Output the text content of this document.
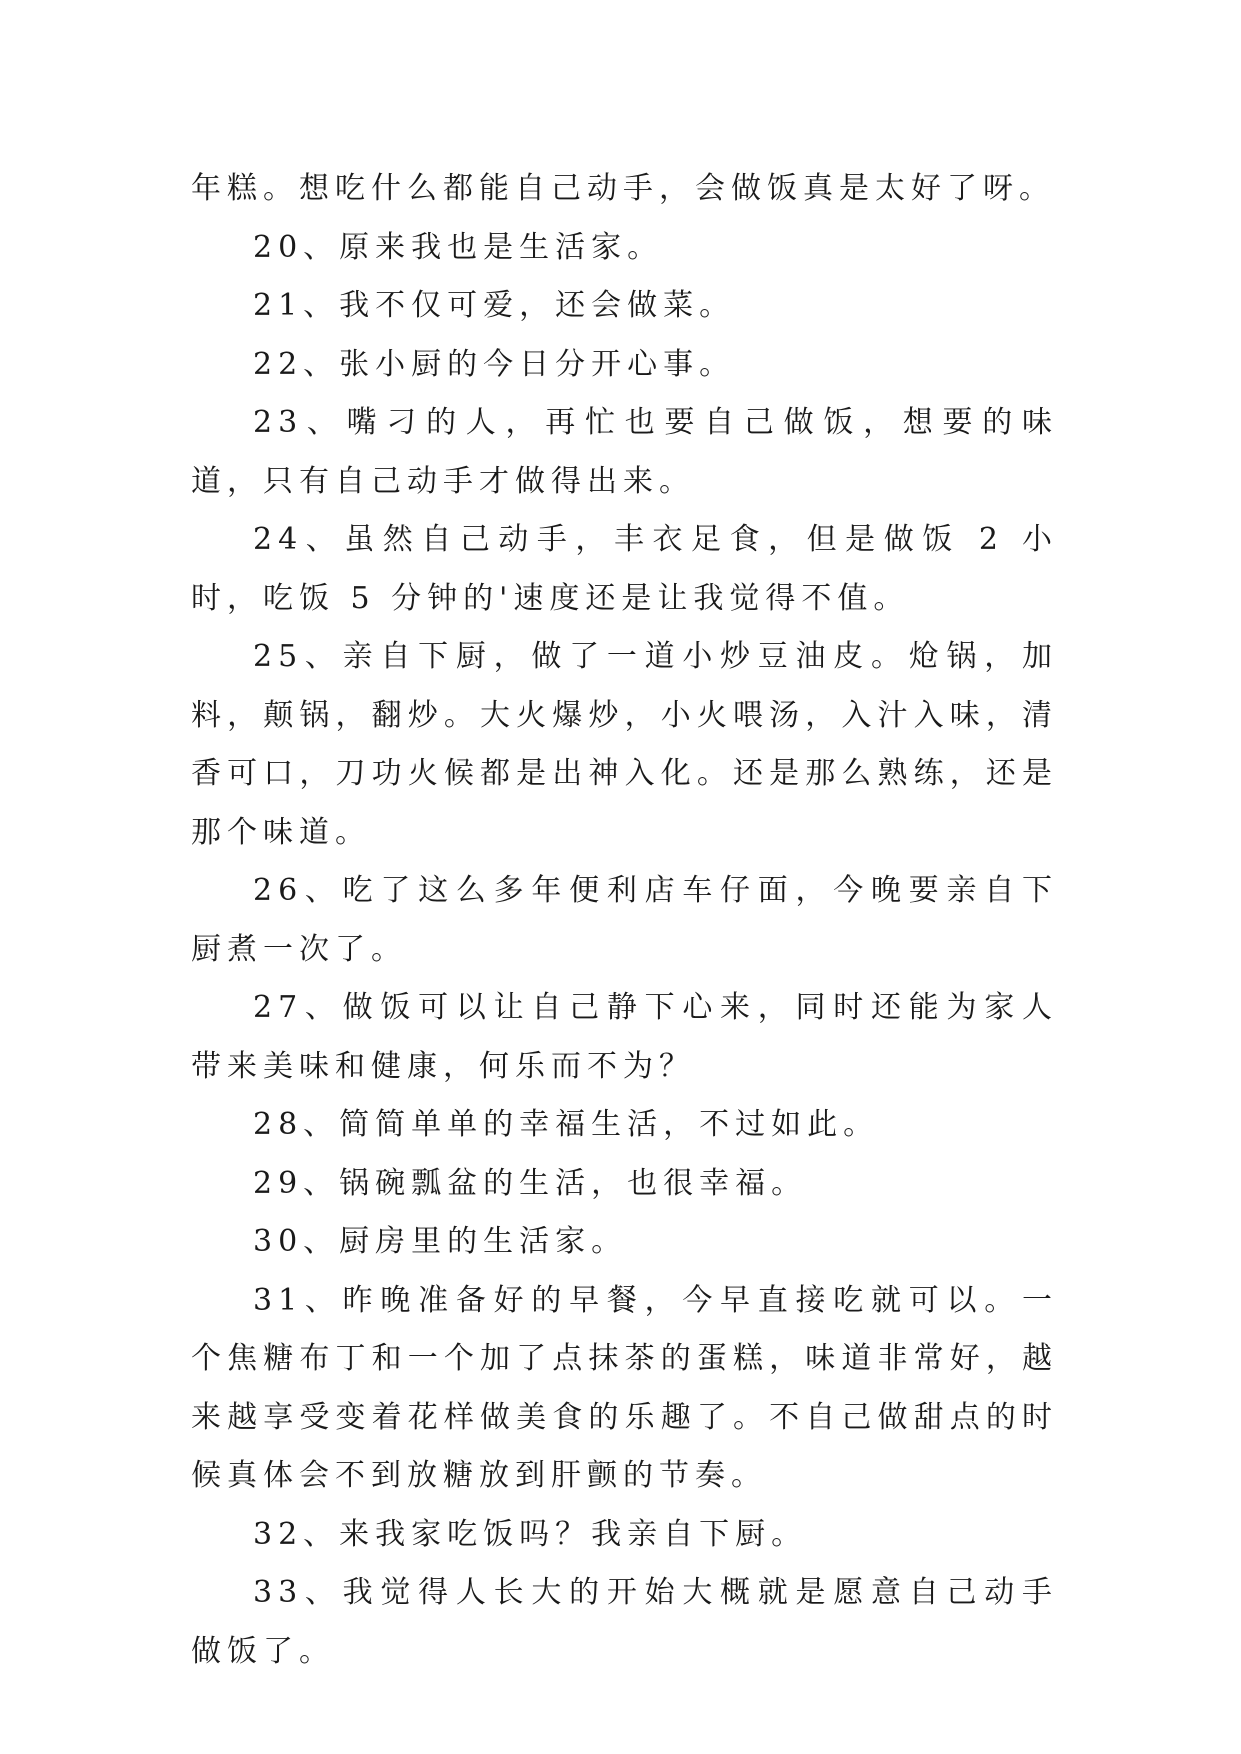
年糕。想吃什么都能自己动手，会做饭真是太好了呀。

20、原来我也是生活家。

21、我不仅可爱，还会做菜。

22、张小厨的今日分开心事。

23、嘴刁的人，再忙也要自己做饭，想要的味道，只有自己动手才做得出来。

24、虽然自己动手，丰衣足食，但是做饭 2 小时，吃饭 5 分钟的'速度还是让我觉得不值。

25、亲自下厨，做了一道小炒豆油皮。炝锅，加料，颠锅，翻炒。大火爆炒，小火喂汤，入汁入味，清香可口，刀功火候都是出神入化。还是那么熟练，还是那个味道。

26、吃了这么多年便利店车仔面，今晚要亲自下厨煮一次了。

27、做饭可以让自己静下心来，同时还能为家人带来美味和健康，何乐而不为？

28、简简单单的幸福生活，不过如此。

29、锅碗瓢盆的生活，也很幸福。

30、厨房里的生活家。

31、昨晚准备好的早餐，今早直接吃就可以。一个焦糖布丁和一个加了点抹茶的蛋糕，味道非常好，越来越享受变着花样做美食的乐趣了。不自己做甜点的时候真体会不到放糖放到肝颤的节奏。

32、来我家吃饭吗？我亲自下厨。

33、我觉得人长大的开始大概就是愿意自己动手做饭了。
